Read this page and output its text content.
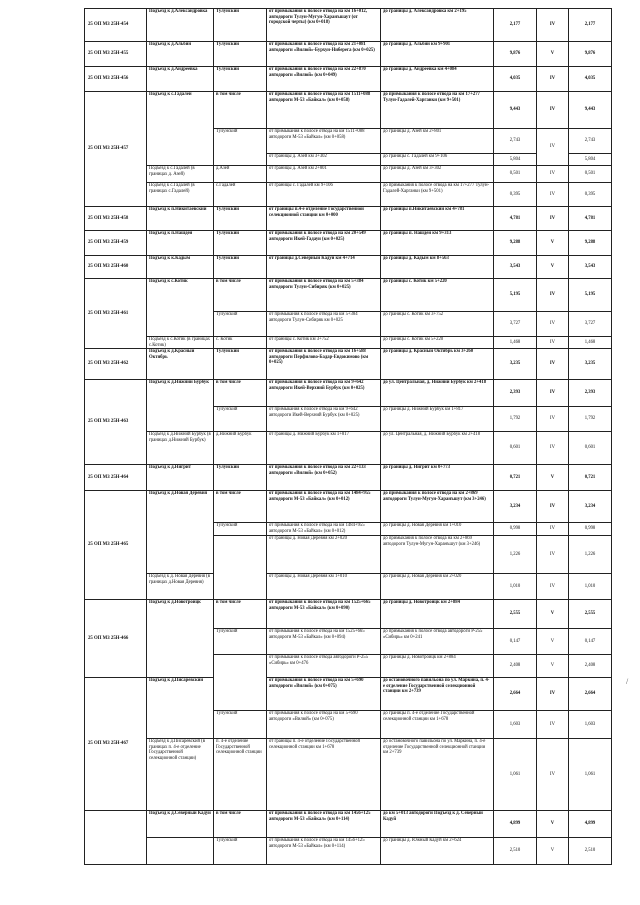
25 ОП МЗ 25Н-454	Подъезд к д.Александровка	Тулунский	от примыкания к полосе отвода на км 16+012, автодороги Тулун-Мугун-Харанъшаут (от городской черты) (км 0+018)	до границы д. Александровка км 2+195	2,177	IV	2,177
25 ОП МЗ 25Н-455	Подъезд к д.Альбин	Тулунский	от примыкания к полосе отвода на км 21+081 автодороги «Вилюй»-Бурхун-Ниберега (км 0+025)	до границы д. Альбин км 9+901	9,876	V	9,876
25 ОП МЗ 25Н-456	Подъезд к д.Андреевка	Тулунский	от примыкания к полосе отвода на км 22+870 автодороги «Вилюй» (км 0+049)	до границы д. Андреевка км 4+084	4,035	IV	4,035
25 ОП МЗ 25Н-457	Подъезд к с.Гадалей	в том числе	от примыкания к полосе отвода на км 1511+088 автодороги М-53 «Байкал» (км 0+058)	до примыкания к полосе отвода на км 17+277 Тулун-Гадалей-Харганки (км 9+501)	9,443	IV	9,443
		Тулунский	от примыкания к полосе отвода на км 1511+088 автодороги М-53 «Байкал» (км 0+058)	до границы д. Азей км 2+801	2,743	IV	2,743
			от границы д. Азей км 3+302	до границы с. Гадалей км 9+106	5,804		5,804
	Подъезд к с.Гадалей (в границах д. Азей)	д.Азей	от границы д. Азей км 2+801	до границы д. Азей км 3+302	0,501	IV	0,501
	Подъезд к с.Гадалей (в границах с.Гадалей)	с.Гадалей	от границы с. Гадалей км 9+106	до примыкания к полосе отвода на км 17+277 Тулун-Гадалей-Харганки (км 9+501)	0,395	IV	0,395
25 ОП МЗ 25Н-458	Подъезд к п.Никитаевский	Тулунский	от границы п.4-е отделение Государственной селекционной станции км 0+000	до границы п.Никитаевский км 4+781	4,781	IV	4,781
25 ОП МЗ 25Н-459	Подъезд к п.Нашдей	Тулунский	от примыкания к полосе отвода на км 20+549 автодороги Икей-Гадауи (км 0+025)	до границы п. Нашдей км 9+313	9,288	V	9,288
25 ОП МЗ 25Н-460	Подъезд к к.Кадым	Тулунский	от границы д.Северный Кадуй км 4+714	до границы д. Кадым км 8+563	3,543	V	3,543
25 ОП МЗ 25Н-461	Подъезд к с.Котик	в том числе	от примыкания к полосе отвода на км 5+384 автодороги Тулун-Сибиряк (км 0+025)	до границы с. Котик км 5+220	5,195	IV	5,195
		Тулунский	от примыкания к полосе отвода на км 5+384 автодороги Тулун-Сибиряк км 0+025	до границы с. Котик км 3+752	3,727	IV	3,727
	Подъезд к с.Котик (в границах с.Котик)	с. Котик	от границы с. Котик км 3+752	до границы с. Котик км 5+220	1,468	IV	1,468
25 ОП МЗ 25Н-462	Подъезд к д.Красный Октябрь	Тулунский	от примыкания к полосе отвода на км 16+588 автодороги Перфилово-Бадар-Евдокимово (км 0+025)	до границы д. Красный Октябрь км 3+260	3,235	IV	3,235
25 ОП МЗ 25Н-463	Подъезд к д.Нижний Бурбук	в том числе	от примыкания к полосе отвода на км 9+642 автодороги Икей-Верхний Бурбук (км 0+025)	до ул. Центральная, д. Нижний Бурбук км 2+418	2,393	IV	2,393
		Тулунский	от примыкания к полосе отвода на км 9+642 автодороги Икей-Верхний Бурбук (км 0+025)	до границы д. Нижний Бурбук км 1+817	1,792	IV	1,792
	Подъезд к д.Нижний Бурбук (в границах д.Нижний Бурбук)	д.Нижний Бурбук	от границы д. Нижний Бурбук км 1+817	до ул. Центральная, д. Нижний Бурбук км 2+418	0,601	IV	0,601
25 ОП МЗ 25Н-464	Подъезд к д.Нигрит	Тулунский	от примыкания к полосе отвода на км 22+133 автодороги «Вилюй» (км 0+052)	до границы д. Нигрит км 0+773	0,721	V	0,721
25 ОП МЗ 25Н-465	Подъезд к д.Новая Деревня	в том числе	от примыкания к полосе отвода на км 1484+955 автодороги М-53 «Байкал» (км 0+012)	до примыкания к полосе отвода на км 2+869 автодороги Тулун-Мугун-Харанъшут (км 3+246)	3,234	IV	3,234
		Тулунский	от примыкания к полосе отвода на км 1484+955 автодороги М-53 «Байкал» (км 0+012)	до границы д. Новая Деревня км 1+010	0,998	IV	0,998
			от границы д. Новая Деревня км 2+020	до примыкания к полосе отвода на км 2+869 автодороги Тулун-Мугун-Харанъшут (км 3+246)	1,226	IV	1,226
	Подъезд к д. Новая Деревня (в границах д.Новая Деревня)		от границы д. Новая Деревня км 1+010	до границы д. Новая Деревня км 2+020	1,010	IV	1,010
25 ОП МЗ 25Н-466	Подъезд к д.Новотроицк	в том числе	от примыкания к полосе отвода на км 1525+665 автодороги М-53 «Байкал» (км 0+090)	до границы д. Новотроицк км 2+884	2,555	V	2,555
		Тулунский	от примыкания к полосе отвода на км 1525+665 автодороги М-53 «Байкал» (км 0+094)	до примыкания к полосе отвода автодороги Р-255 «Сибирь» км 0+241	0,147	V	0,147
			от примыкания к полосе отвода автодороги Р-255 «Сибирь» км 0+476	до границы д. Новотроицк км 2+884	2,408	V	2,408
25 ОП МЗ 25Н-467	Подъезд к д.Писаревский		от примыкания к полосе отвода на км 5+690 автодороги «Вилюй» (км 0+075)	до остановочного павильона по ул. Маркина, п. 4-е отделение Государственной селекционной станции км 2+739	2,664	IV	2,664
		Тулунский	от примыкания к полосе отвода на км 5+690 автодороги «Вилюй» (км 0+075)	до границы п. 4-е отделение Государственной селекционной станции км 1+678	1,603	IV	1,603
	Подъезд к д.Писаревский (в границах п. 4-е отделение Государственной селекционной станции)	п. 4-е отделение Государственной селекционной станции	от границы п. 4-е отделение Государственной селекционной станции км 1+678	до остановочного павильона по ул. Маркина, п. 4-е отделение Государственной селекционной станции км 2+739	1,061	IV	1,061
	Подъезд к д.Северный Кадуй	в том числе	от примыкания к полосе отвода на км 1456+125 автодороги М-53 «Байкал» (км 0+114)	до км 5+013 автодороги Подъезд к д. Северный Кадуй	4,899	V	4,899
		Тулунский	от примыкания к полосе отвода на км 1456+125 автодороги М-53 «Байкал» (км 0+114)	до границы д. Южный Кадуй км 2+624	2,510	V	2,510
/
